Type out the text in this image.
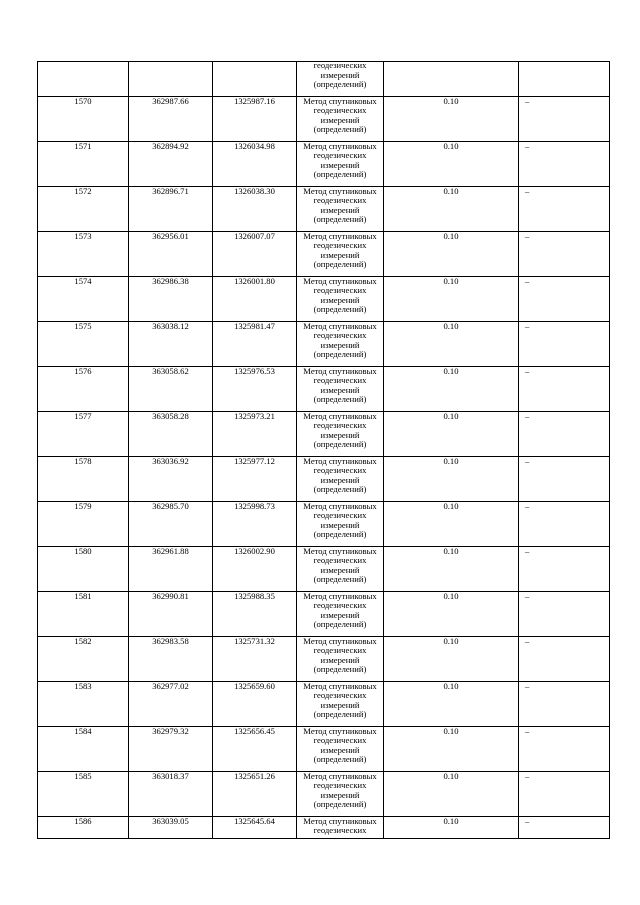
			геодезических
измерений
(определений)			

1570	362987.66	1325987.16	Метод спутниковых
геодезических
измерений
(определений)	0.10	–	
1571	362894.92	1326034.98	Метод спутниковых
геодезических
измерений
(определений)	0.10	–	
1572	362896.71	1326038.30	Метод спутниковых
геодезических
измерений
(определений)	0.10	–	
1573	362956.01	1326007.07	Метод спутниковых
геодезических
измерений
(определений)	0.10	–	
1574	362986.38	1326001.80	Метод спутниковых
геодезических
измерений
(определений)	0.10	–	
1575	363038.12	1325981.47	Метод спутниковых
геодезических
измерений
(определений)	0.10	–	
1576	363058.62	1325976.53	Метод спутниковых
геодезических
измерений
(определений)	0.10	–	
1577	363058.28	1325973.21	Метод спутниковых
геодезических
измерений
(определений)	0.10	–	
1578	363036.92	1325977.12	Метод спутниковых
геодезических
измерений
(определений)	0.10	–	
1579	362985.70	1325998.73	Метод спутниковых
геодезических
измерений
(определений)	0.10	–	
1580	362961.88	1326002.90	Метод спутниковых
геодезических
измерений
(определений)	0.10	–	
1581	362990.81	1325988.35	Метод спутниковых
геодезических
измерений
(определений)	0.10	–	
1582	362983.58	1325731.32	Метод спутниковых
геодезических
измерений
(определений)	0.10	–	
1583	362977.02	1325659.60	Метод спутниковых
геодезических
измерений
(определений)	0.10	–	
1584	362979.32	1325656.45	Метод спутниковых
геодезических
измерений
(определений)	0.10	–	
1585	363018.37	1325651.26	Метод спутниковых
геодезических
измерений
(определений)	0.10	–	
1586	363039.05	1325645.64	Метод спутниковых
геодезических	0.10	–	
